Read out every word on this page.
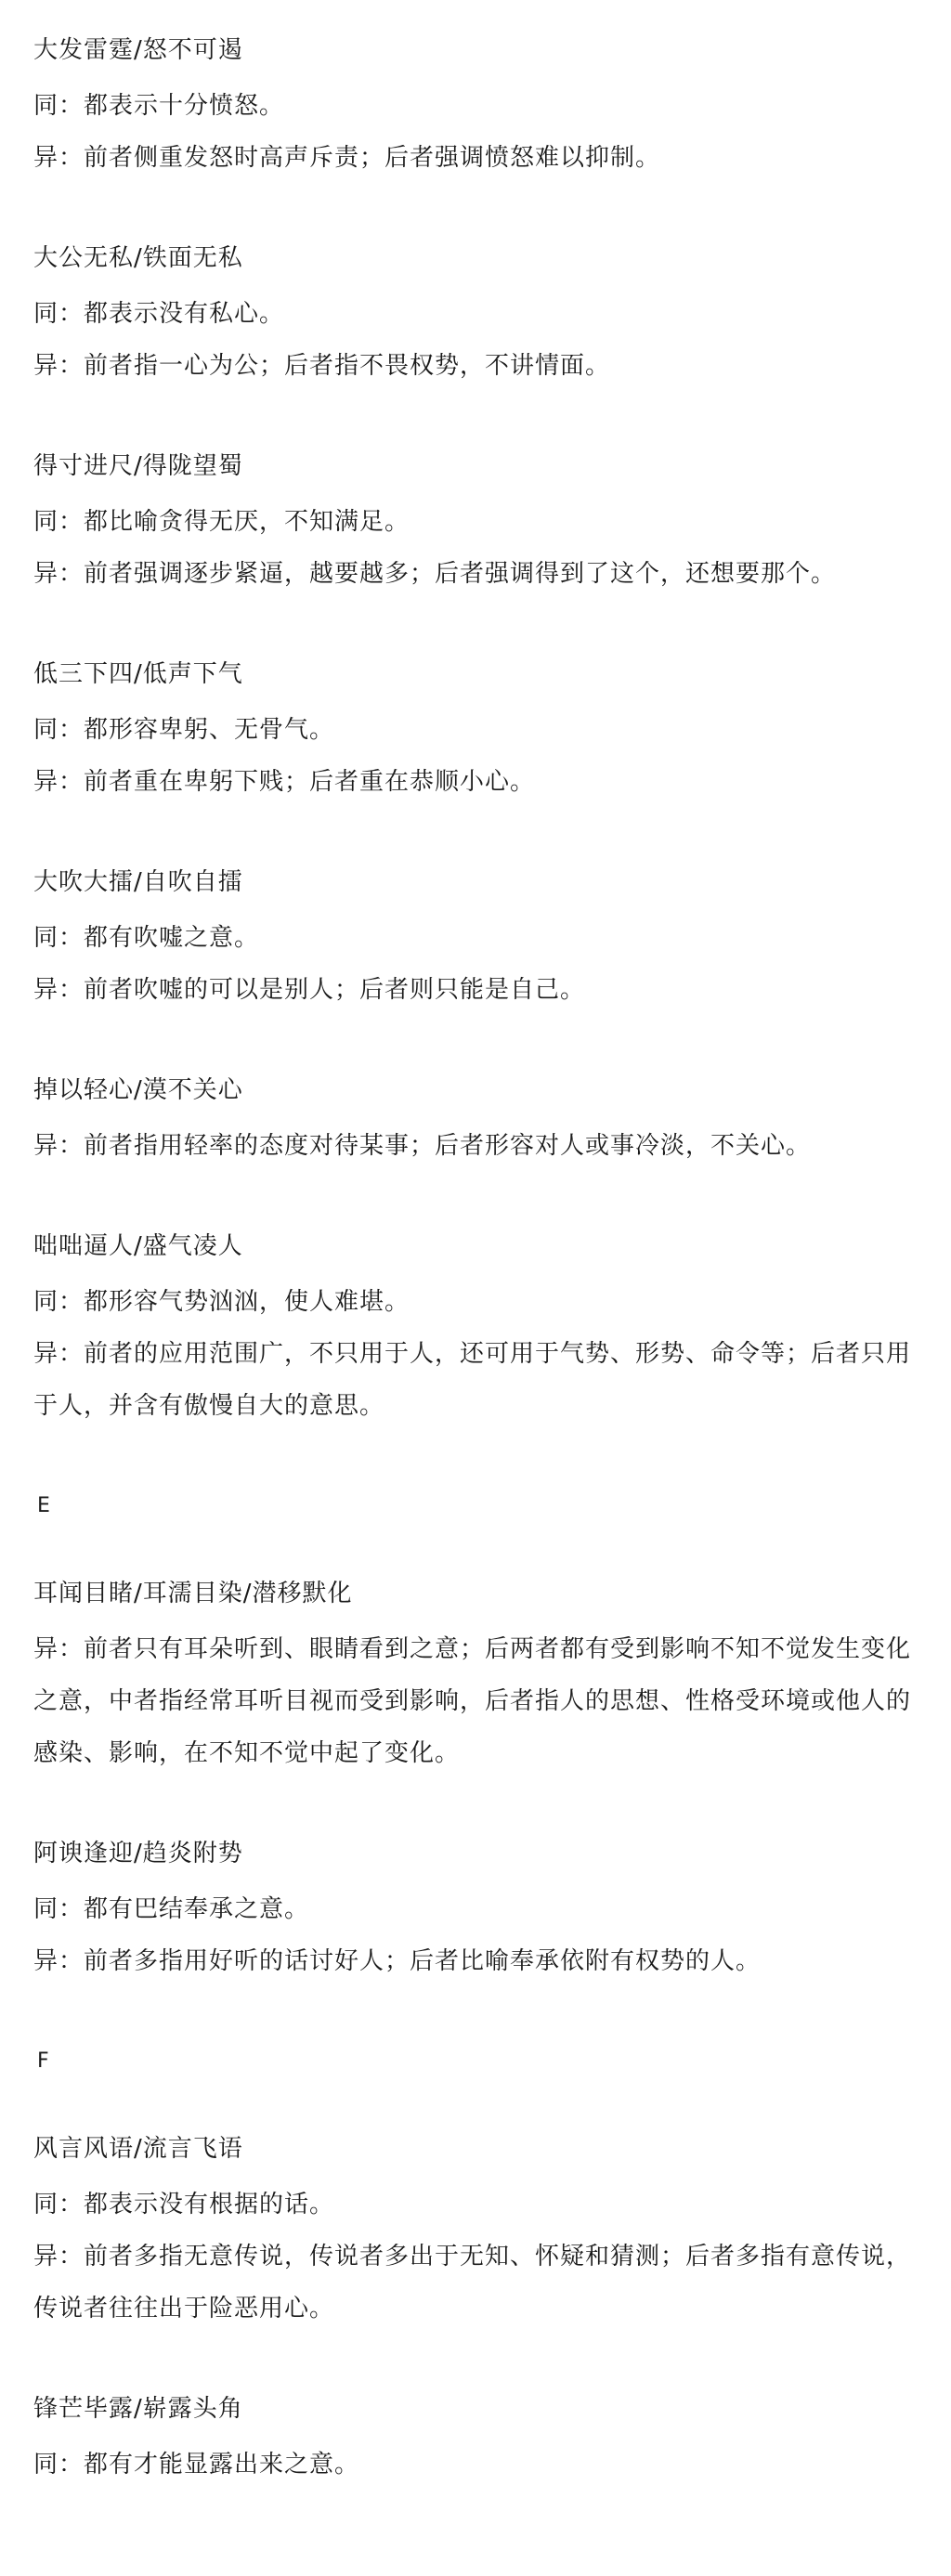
大发雷霆/怒不可遏

同：都表示十分愤怒。

异：前者侧重发怒时高声斥责；后者强调愤怒难以抑制。

大公无私/铁面无私

同：都表示没有私心。

异：前者指一心为公；后者指不畏权势，不讲情面。

得寸进尺/得陇望蜀

同：都比喻贪得无厌，不知满足。

异：前者强调逐步紧逼，越要越多；后者强调得到了这个，还想要那个。

低三下四/低声下气

同：都形容卑躬、无骨气。

异：前者重在卑躬下贱；后者重在恭顺小心。

大吹大擂/自吹自擂

同：都有吹嘘之意。

异：前者吹嘘的可以是别人；后者则只能是自己。

掉以轻心/漠不关心

异：前者指用轻率的态度对待某事；后者形容对人或事冷淡，不关心。

咄咄逼人/盛气凌人

同：都形容气势汹汹，使人难堪。

异：前者的应用范围广，不只用于人，还可用于气势、形势、命令等；后者只用

于人，并含有傲慢自大的意思。

E

耳闻目睹/耳濡目染/潜移默化

异：前者只有耳朵听到、眼睛看到之意；后两者都有受到影响不知不觉发生变化

之意，中者指经常耳听目视而受到影响，后者指人的思想、性格受环境或他人的

感染、影响，在不知不觉中起了变化。

阿谀逢迎/趋炎附势

同：都有巴结奉承之意。

异：前者多指用好听的话讨好人；后者比喻奉承依附有权势的人。

F

风言风语/流言飞语

同：都表示没有根据的话。

异：前者多指无意传说，传说者多出于无知、怀疑和猜测；后者多指有意传说，

传说者往往出于险恶用心。

锋芒毕露/崭露头角

同：都有才能显露出来之意。
